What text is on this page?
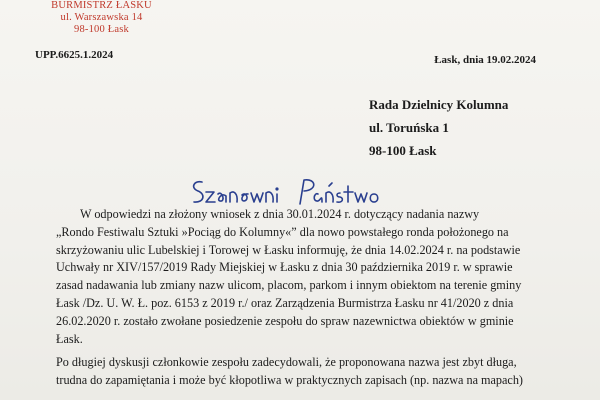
BURMISTRZ ŁASKU
ul. Warszawska 14
98-100 Łask
UPP.6625.1.2024	Łask, dnia 19.02.2024
Rada Dzielnicy Kolumna
ul. Toruńska 1
98-100 Łask

W odpowiedzi na złożony wniosek z dnia 30.01.2024 r. dotyczący nadania nazwy
„Rondo Festiwalu Sztuki »Pociąg do Kolumny«” dla nowo powstałego ronda położonego na
skrzyżowaniu ulic Lubelskiej i Torowej w Łasku informuję, że dnia 14.02.2024 r. na podstawie
Uchwały nr XIV/157/2019 Rady Miejskiej w Łasku z dnia 30 października 2019 r. w sprawie
zasad nadawania lub zmiany nazw ulicom, placom, parkom i innym obiektom na terenie gminy
Łask /Dz. U. W. Ł. poz. 6153 z 2019 r./ oraz Zarządzenia Burmistrza Łasku nr 41/2020 z dnia
26.02.2020 r. zostało zwołane posiedzenie zespołu do spraw nazewnictwa obiektów w gminie
Łask.

Po długiej dyskusji członkowie zespołu zadecydowali, że proponowana nazwa jest zbyt długa,
trudna do zapamiętania i może być kłopotliwa w praktycznych zapisach (np. nazwa na mapach)
